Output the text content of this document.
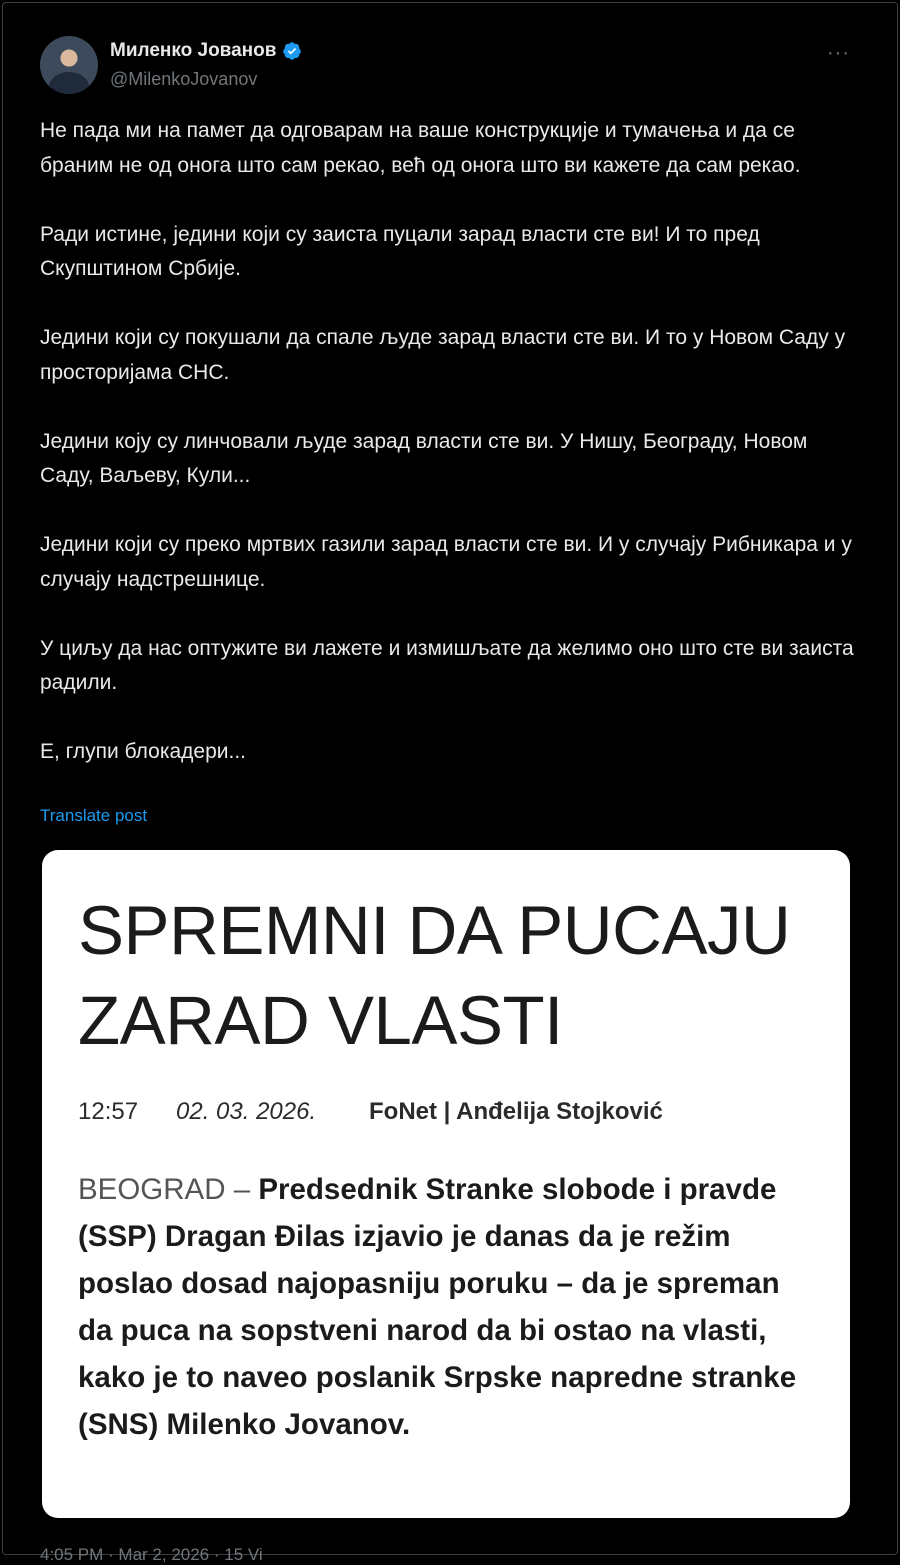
Миленко Јованов
@MilenkoJovanov
···

Не пада ми на памет да одговарам на ваше конструкције и тумачења и да се браним не од онога што сам рекао, већ од онога што ви кажете да сам рекао.

Ради истине, једини који су заиста пуцали зарад власти сте ви! И то пред Скупштином Србије.

Једини који су покушали да спале људе зарад власти сте ви. И то у Новом Саду у просторијама СНС.

Једини коју су линчовали људе зарад власти сте ви. У Нишу, Београду, Новом Саду, Ваљеву, Кули...

Једини који су преко мртвих газили зарад власти сте ви. И у случају Рибникара и у случају надстрешнице.

У циљу да нас оптужите ви лажете и измишљате да желимо оно што сте ви заиста радили.

Е, глупи блокадери...

Translate post
SPREMNI DA PUCAJU ZARAD VLASTI
12:57	02. 03. 2026.	FoNet | Anđelija Stojković

BEOGRAD – Predsednik Stranke slobode i pravde (SSP) Dragan Đilas izjavio je danas da je režim poslao dosad najopasniju poruku – da je spreman da puca na sopstveni narod da bi ostao na vlasti, kako je to naveo poslanik Srpske napredne stranke (SNS) Milenko Jovanov.

4:05 PM · Mar 2, 2026 · 15 Vi
